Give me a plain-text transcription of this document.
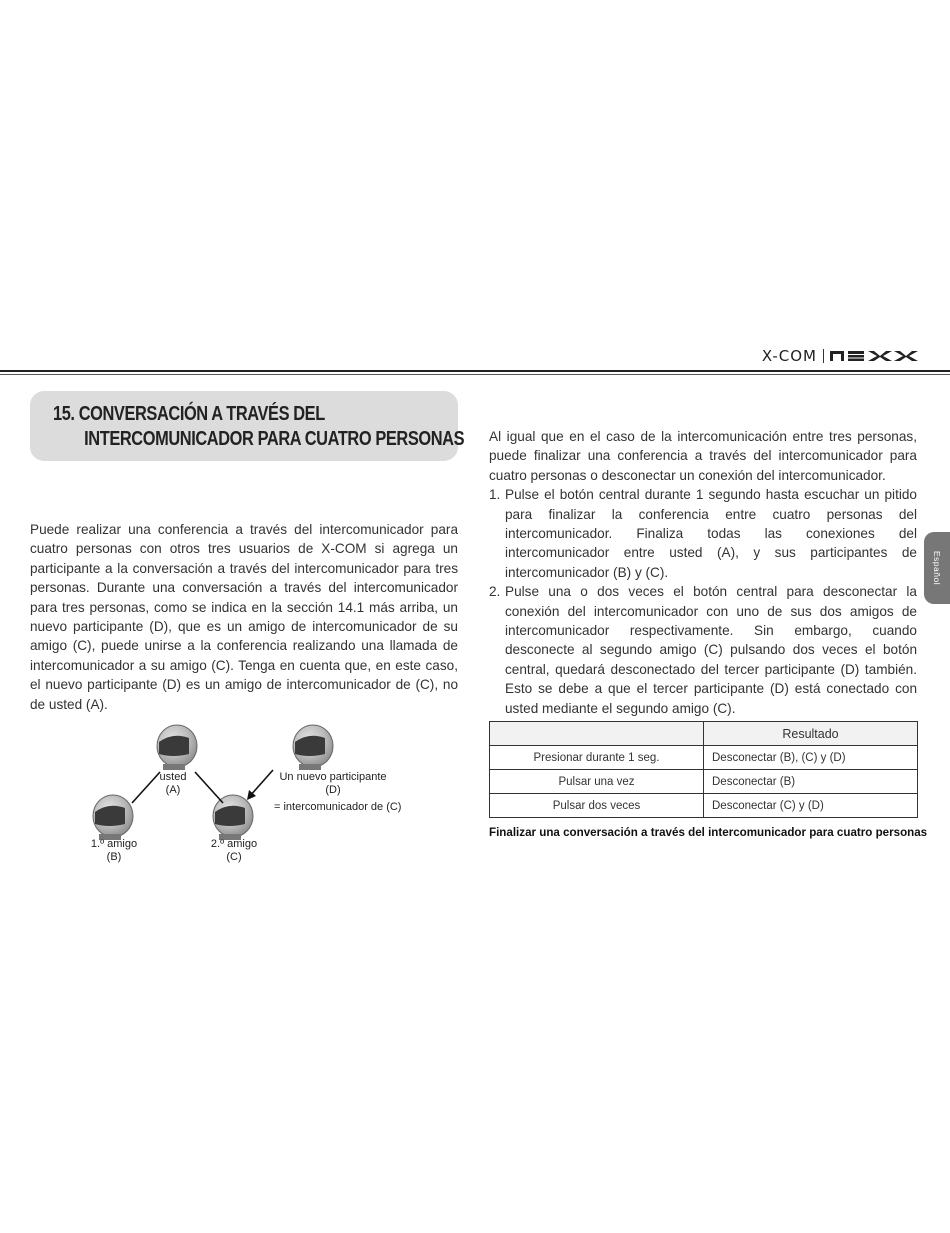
X-COM
15. CONVERSACIÓN A TRAVÉS DEL
INTERCOMUNICADOR PARA CUATRO PERSONAS

Puede realizar una conferencia a través del intercomunicador para cuatro personas con otros tres usuarios de X-COM si agrega un participante a la conversación a través del intercomunicador para tres personas. Durante una conversación a través del intercomunicador para tres personas, como se indica en la sección 14.1 más arriba, un nuevo participante (D), que es un amigo de intercomunicador de su amigo (C), puede unirse a la conferencia realizando una llamada de intercomunicador a su amigo (C). Tenga en cuenta que, en este caso, el nuevo participante (D) es un amigo de intercomunicador de (C), no de usted (A).

usted
(A)
Un nuevo participante
(D)
= intercomunicador de (C)
1.º amigo
(B)
2.º amigo
(C)

Al igual que en el caso de la intercomunicación entre tres personas, puede finalizar una conferencia a través del intercomunicador para cuatro personas o desconectar un conexión del intercomunicador.

1. Pulse el botón central durante 1 segundo hasta escuchar un pitido para finalizar la conferencia entre cuatro personas del intercomunicador. Finaliza todas las conexiones del intercomunicador entre usted (A), y sus participantes de intercomunicador (B) y (C).
2. Pulse una o dos veces el botón central para desconectar la conexión del intercomunicador con uno de sus dos amigos de intercomunicador respectivamente. Sin embargo, cuando desconecte al segundo amigo (C) pulsando dos veces el botón central, quedará desconectado del tercer participante (D) también. Esto se debe a que el tercer participante (D) está conectado con usted mediante el segundo amigo (C).
	Resultado
Presionar durante 1 seg.	Desconectar (B), (C) y (D)
Pulsar una vez	Desconectar (B)
Pulsar dos veces	Desconectar (C) y (D)
Finalizar una conversación a través del intercomunicador para cuatro personas
Español
